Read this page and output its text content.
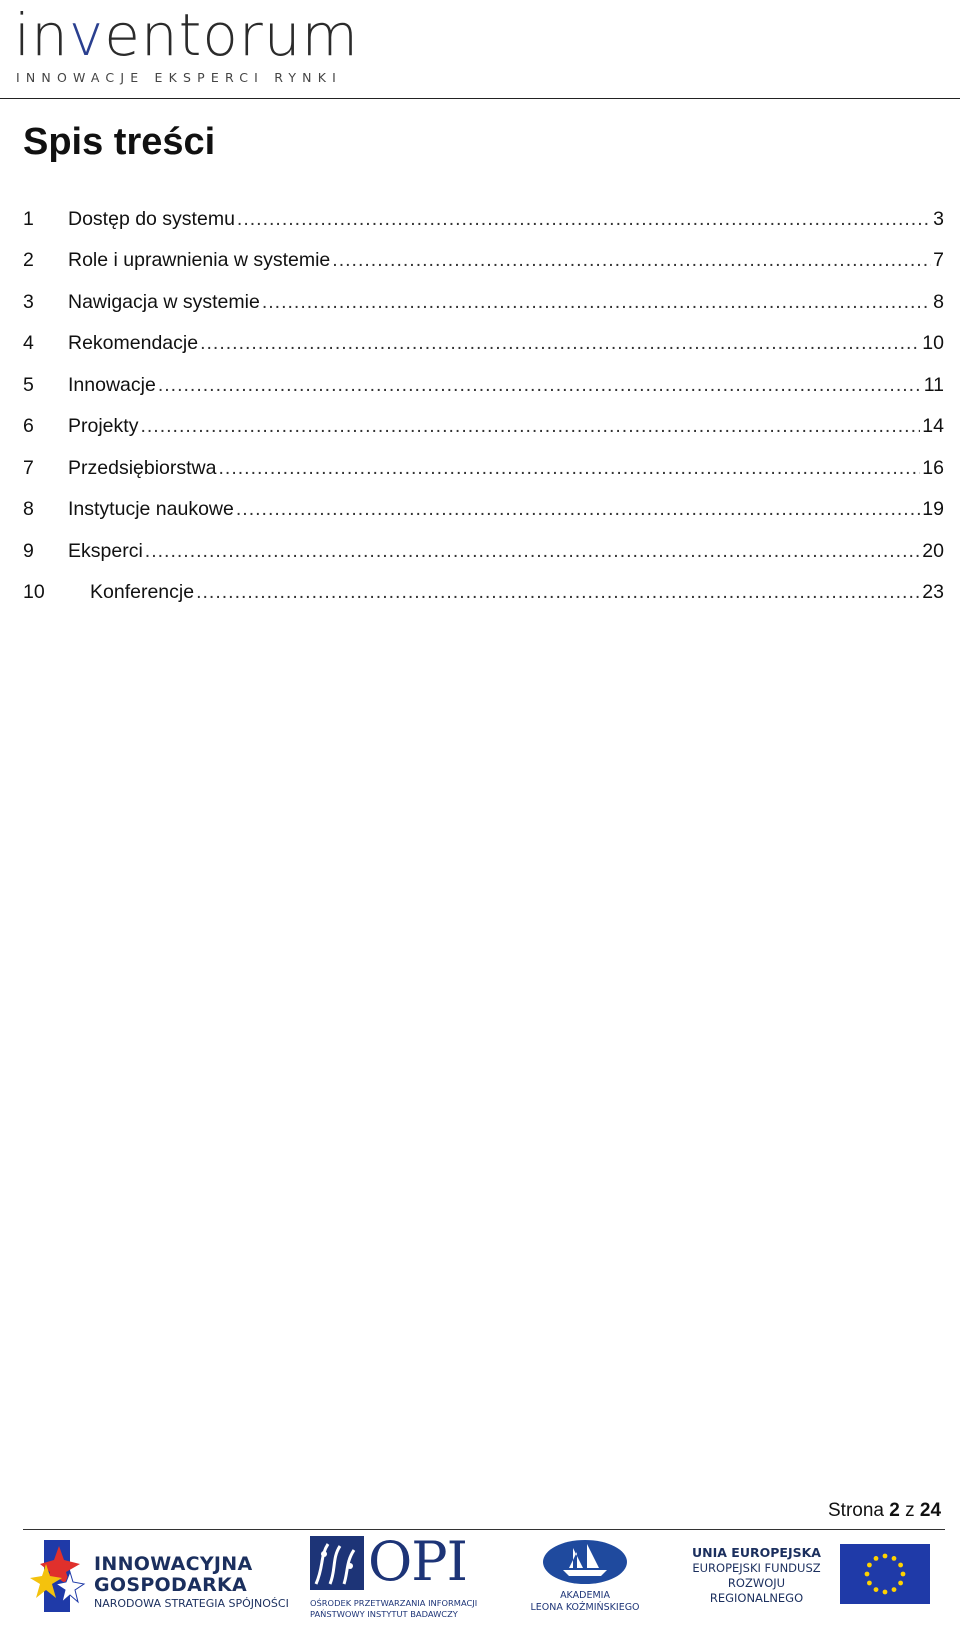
inventorum
INNOWACJE EKSPERCI RYNKI
Spis treści
1	Dostęp do systemu .....	3
2	Role i uprawnienia w systemie .....	7
3	Nawigacja w systemie .....	8
4	Rekomendacje .....	10
5	Innowacje .....	11
6	Projekty .....	14
7	Przedsiębiorstwa .....	16
8	Instytucje naukowe .....	19
9	Eksperci .....	20
10	Konferencje .....	23
Strona 2 z 24
INNOWACYJNA
GOSPODARKA
NARODOWA STRATEGIA SPÓJNOŚCI
OPI
OŚRODEK PRZETWARZANIA INFORMACJI
PAŃSTWOWY INSTYTUT BADAWCZY
AKADEMIA
LEONA KOŹMIŃSKIEGO
UNIA EUROPEJSKA
EUROPEJSKI FUNDUSZ
ROZWOJU REGIONALNEGO
